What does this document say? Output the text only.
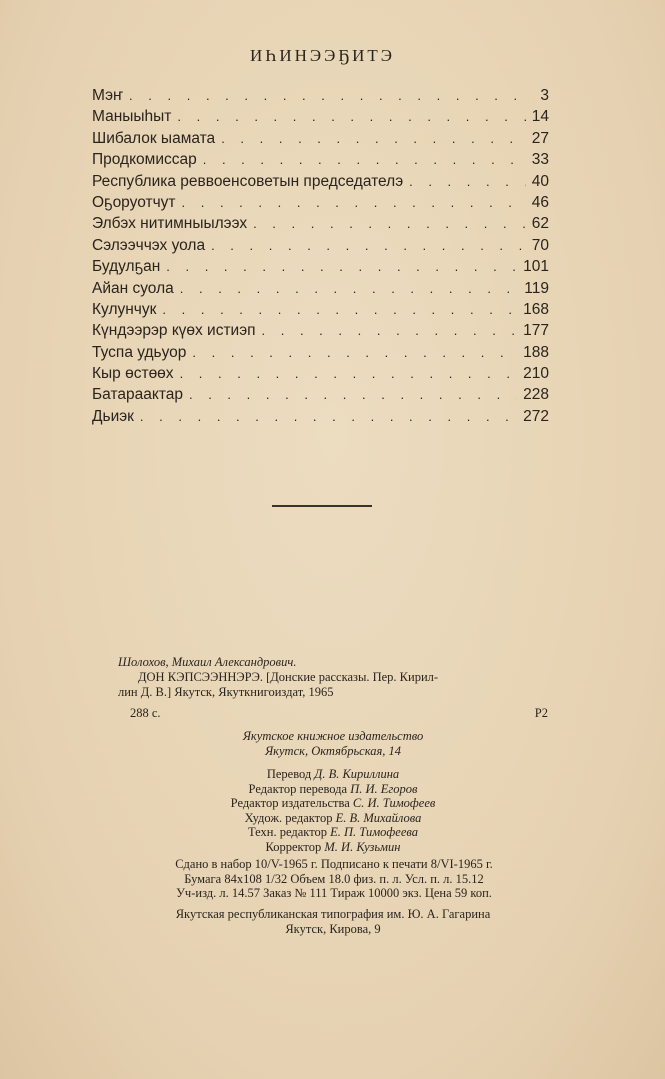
ИҺИНЭЭҔИТЭ
Мэҥ . . .	3
Маныыһыт . . .	14
Шибалок ыамата . . .	27
Продкомиссар . . .	33
Республика реввоенсоветын председателэ . . .	40
Оҕоруотчут . . .	46
Элбэх нитимныылээх . . .	62
Сэлээччэх уола . . .	70
Будулҕан . . .	101
Айан суола . . .	119
Кулунчук . . .	168
Күндээрэр күөх истиэп . . .	177
Туспа удьуор . . .	188
Кыр өстөөх . . .	210
Батараактар . . .	228
Дьиэк . . .	272
Шолохов, Михаил Александрович.
ДОН КЭПСЭЭННЭРЭ. [Донские рассказы. Пер. Кирил-
лин Д. В.] Якутск, Якуткнигоиздат, 1965
288 с.	Р2
Якутское книжное издательство
Якутск, Октябрьская, 14
Перевод Д. В. Кириллина
Редактор перевода П. И. Егоров
Редактор издательства С. И. Тимофеев
Худож. редактор Е. В. Михайлова
Техн. редактор Е. П. Тимофеева
Корректор М. И. Кузьмин
Сдано в набор 10/V-1965 г. Подписано к печати 8/VI-1965 г.
Бумага 84х108 1/32 Объем 18.0 физ. п. л. Усл. п. л. 15.12
Уч-изд. л. 14.57 Заказ № 111 Тираж 10000 экз. Цена 59 коп.
Якутская республиканская типография им. Ю. А. Гагарина
Якутск, Кирова, 9
